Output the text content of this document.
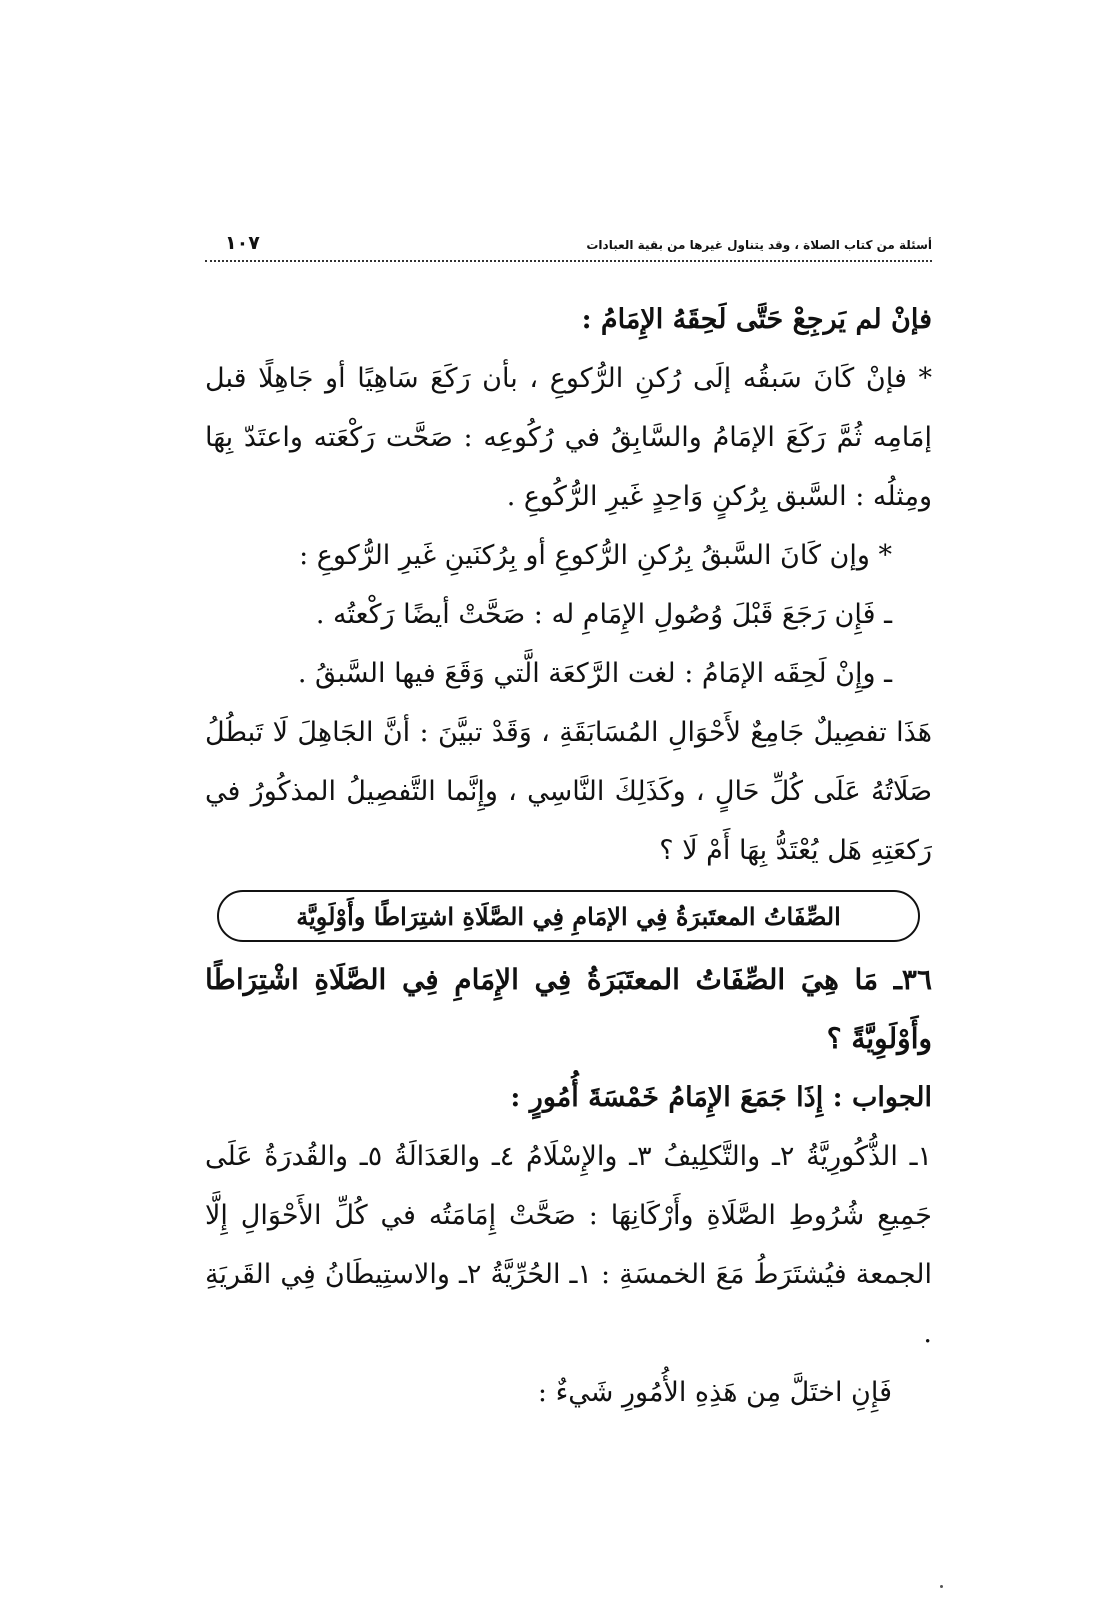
أسئلة من كتاب الصلاة ، وقد يتناول غيرها من بقية العبادات
١٠٧

فإنْ لم يَرجِعْ حَتَّى لَحِقَهُ الإِمَامُ :

* فإنْ كَانَ سَبقُه إلَى رُكنِ الرُّكوعِ ، بأن رَكَعَ سَاهِيًا أو جَاهِلًا قبل إمَامِه ثُمَّ رَكَعَ الإمَامُ والسَّابِقُ في رُكُوعِه : صَحَّت رَكْعَته واعتَدّ بِهَا ومِثلُه : السَّبق بِرُكنٍ وَاحِدٍ غَيرِ الرُّكُوعِ .

* وإن كَانَ السَّبقُ بِرُكنِ الرُّكوعِ أو بِرُكنَينِ غَيرِ الرُّكوعِ :

ـ فَإِن رَجَعَ قَبْلَ وُصُولِ الإِمَامِ له : صَحَّتْ أيضًا رَكْعتُه .

ـ وإِنْ لَحِقَه الإمَامُ : لغت الرَّكعَة الَّتي وَقَعَ فيها السَّبقُ .

هَذَا تفصِيلٌ جَامِعٌ لأَحْوَالِ المُسَابَقَةِ ، وَقَدْ تبيَّنَ : أنَّ الجَاهِلَ لَا تَبطُلُ صَلَاتُهُ عَلَى كُلِّ حَالٍ ، وكَذَلِكَ النَّاسِي ، وإِنَّما التَّفصِيلُ المذكُورُ في رَكعَتِهِ هَل يُعْتَدُّ بِهَا أَمْ لَا ؟

الصِّفَاتُ المعتَبرَةُ فِي الإمَامِ فِي الصَّلَاةِ اشتِرَاطًا وأَوْلَوِيَّة

٣٦ـ مَا هِيَ الصِّفَاتُ المعتَبَرَةُ فِي الإِمَامِ فِي الصَّلَاةِ اشْتِرَاطًا وأَوْلَوِيَّةً ؟

الجواب : إِذَا جَمَعَ الإِمَامُ خَمْسَةَ أُمُورٍ :

١ـ الذُّكُورِيَّةُ ٢ـ والتَّكلِيفُ ٣ـ والإِسْلَامُ ٤ـ والعَدَالَةُ ٥ـ والقُدرَةُ عَلَى جَمِيعِ شُرُوطِ الصَّلَاةِ وأَرْكَانِهَا : صَحَّتْ إِمَامَتُه في كُلِّ الأَحْوَالِ إِلَّا الجمعة فيُشتَرَطُ مَعَ الخمسَةِ : ١ـ الحُرِّيَّةُ ٢ـ والاستِيطَانُ فِي القَريَةِ .

فَإِنِ اختَلَّ مِن هَذِهِ الأُمُورِ شَيءٌ :
